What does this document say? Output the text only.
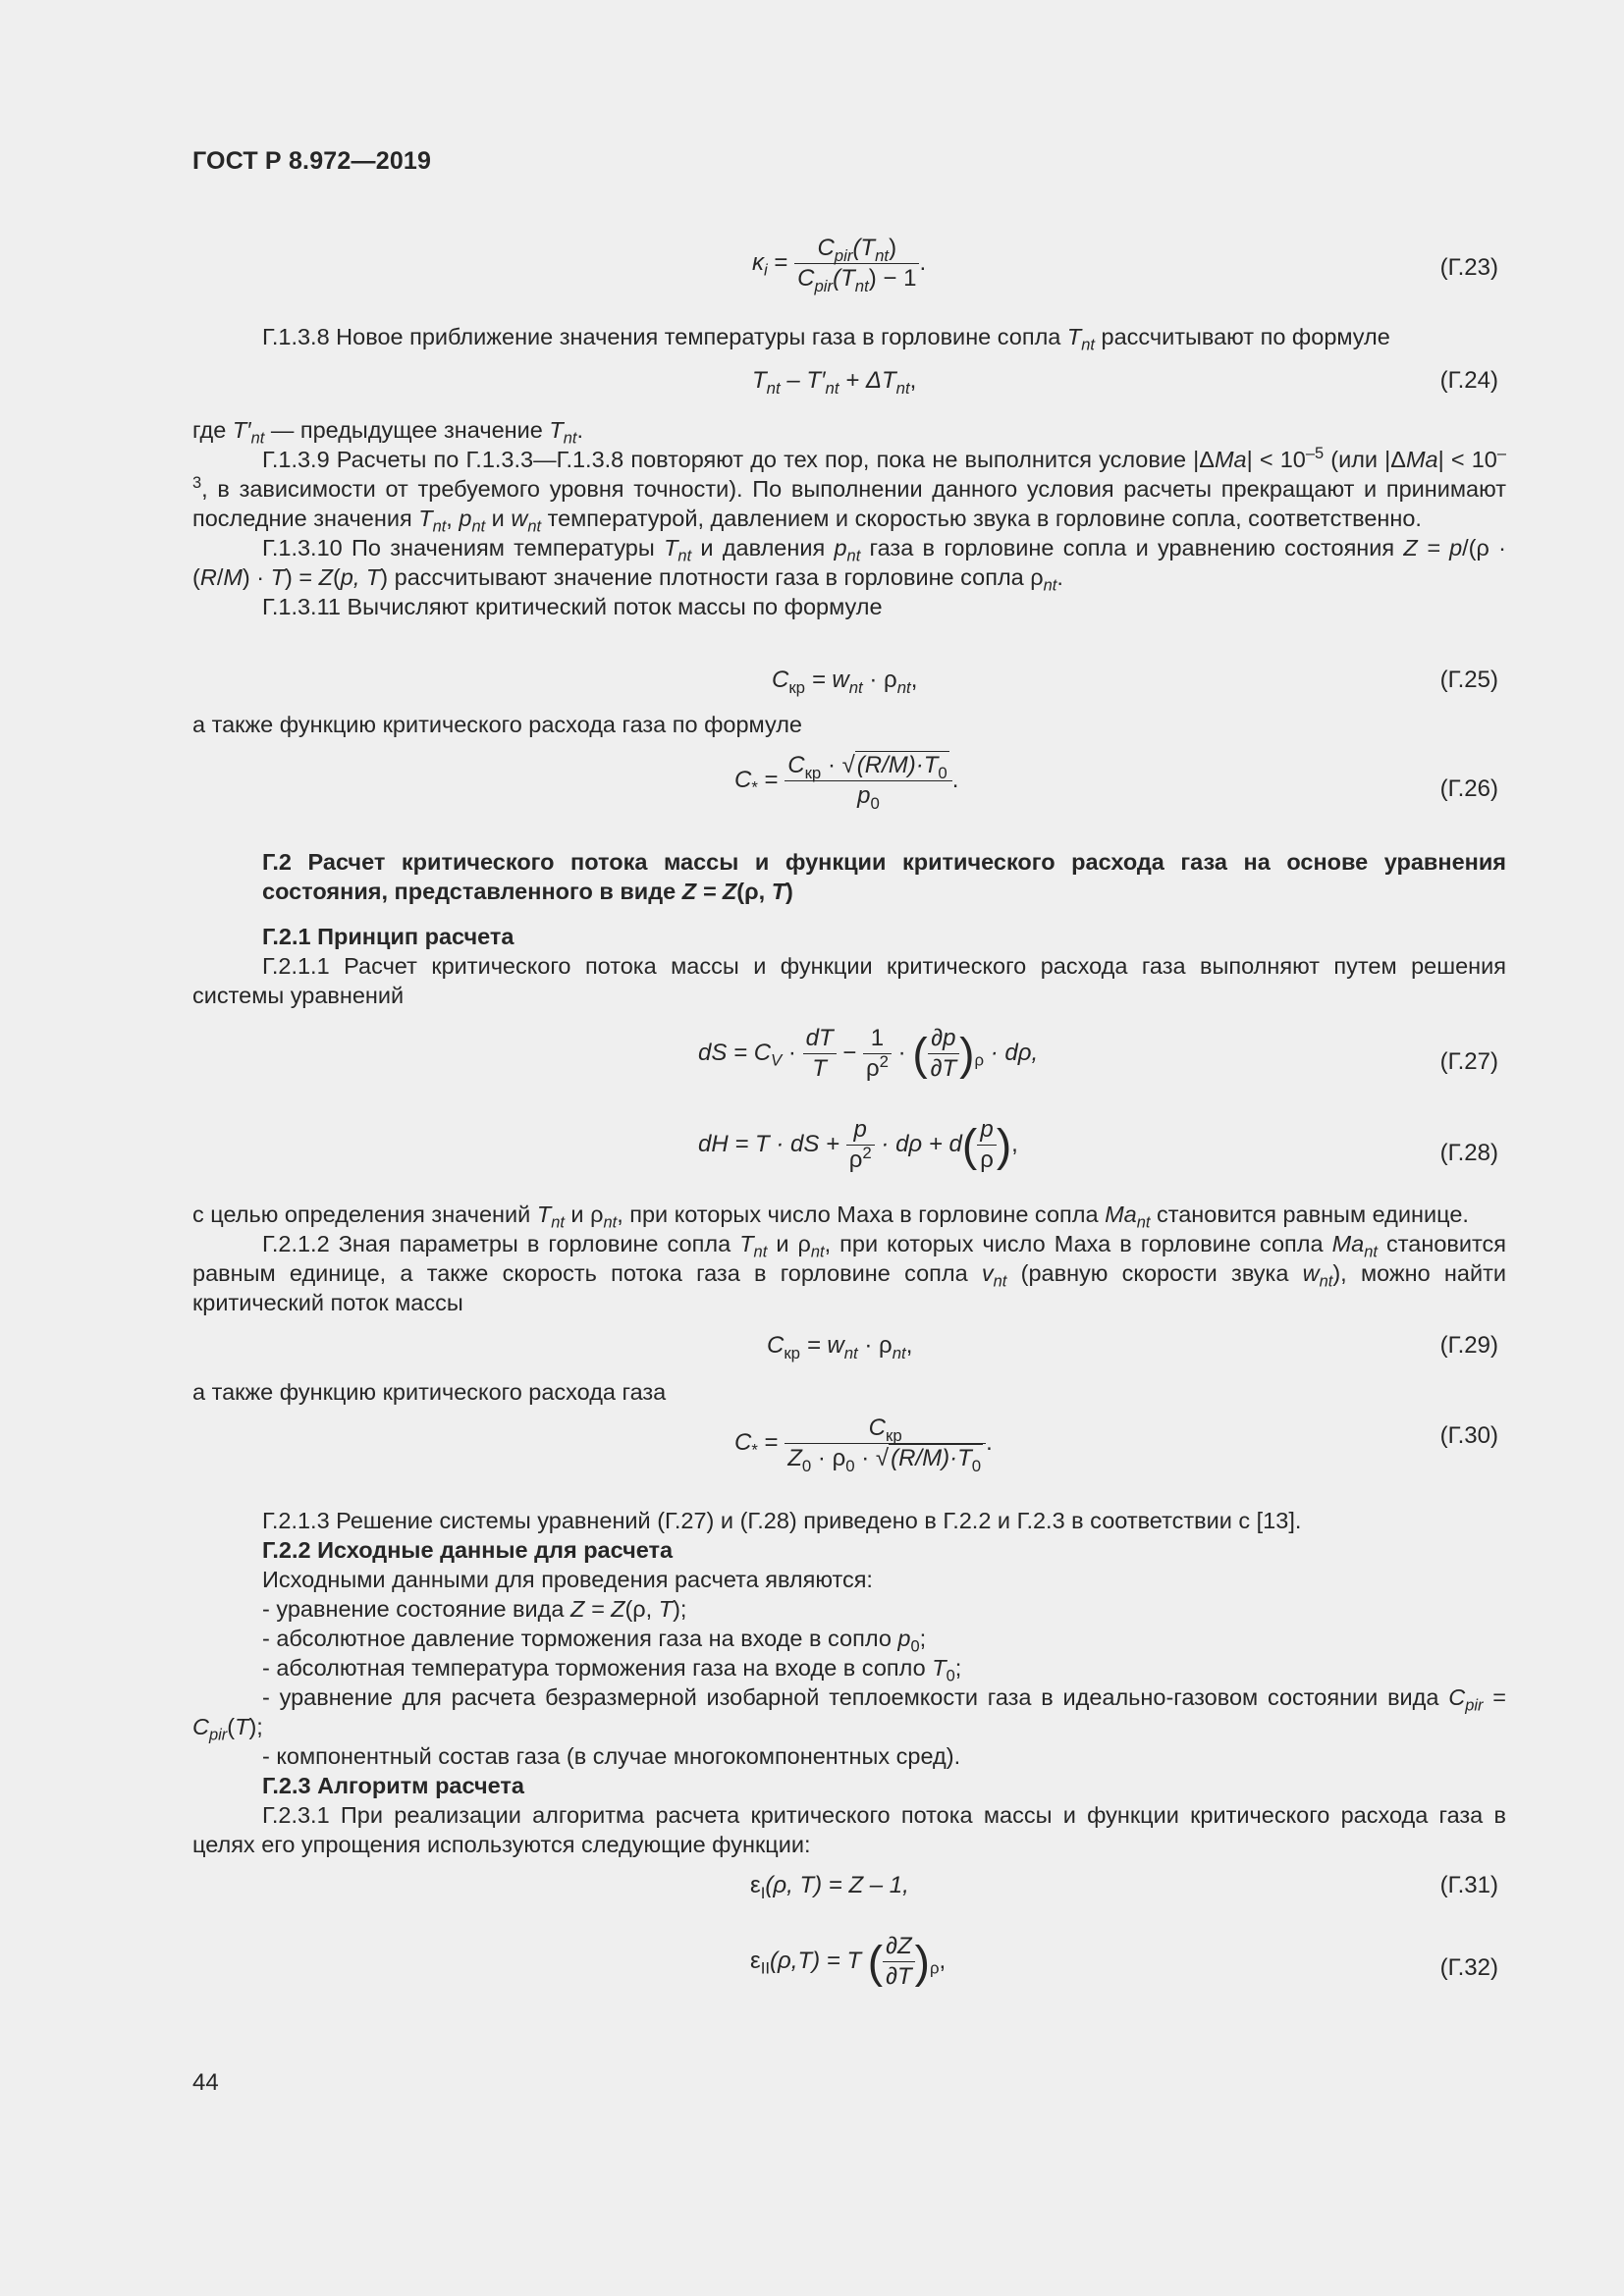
ГОСТ Р 8.972—2019
$\kappa_i = \frac{C_{pir}(T_{nt})}{C_{pir}(T_{nt}) - 1}$ .	(Г.23)

Г.1.3.8 Новое приближение значения температуры газа в горловине сопла $T_{nt}$ рассчитывают по формуле

$T_{nt} - T'_{nt} + \Delta T_{nt}$,	(Г.24)

где $T'_{nt}$ — предыдущее значение $T_{nt}$.

Г.1.3.9 Расчеты по Г.1.3.3—Г.1.3.8 повторяют до тех пор, пока не выполнится условие $|\Delta Ma| < 10^{-5}$ (или $|\Delta Ma| < 10^{-3}$, в зависимости от требуемого уровня точности). По выполнении данного условия расчеты прекращают и принимают последние значения $T_{nt}$, $p_{nt}$ и $w_{nt}$ температурой, давлением и скоростью звука в горловине сопла, соответственно.

Г.1.3.10 По значениям температуры $T_{nt}$ и давления $p_{nt}$ газа в горловине сопла и уравнению состояния Z = p/(ρ · (R/M) · T) = Z(p, T) рассчитывают значение плотности газа в горловине сопла $\rho_{nt}$.

Г.1.3.11 Вычисляют критический поток массы по формуле

$С_{кр} = w_{nt} \cdot \rho_{nt}$,	(Г.25)

а также функцию критического расхода газа по формуле

$C_* = \frac{С_{кр} \cdot √(R/M)\cdot T_0}{p_0}$ .	(Г.26)

Г.2 Расчет критического потока массы и функции критического расхода газа на основе уравнения состояния, представленного в виде Z = Z(ρ, T)

Г.2.1 Принцип расчета

Г.2.1.1 Расчет критического потока массы и функции критического расхода газа выполняют путем решения системы уравнений

dS = $C_V \cdot \frac{dT}{T} - \frac{1}{\rho^2}$ · ( $\frac{\partial p}{\partial T} )_\rho \cdot d\rho$,	(Г.27)
dH = T · dS + $\frac{p}{\rho^2} \cdot d\rho + d( \frac{p}{\rho}$ ),	(Г.28)

с целью определения значений $T_{nt}$ и $\rho_{nt}$, при которых число Маха в горловине сопла $Ma_{nt}$ становится равным единице.

Г.2.1.2 Зная параметры в горловине сопла $T_{nt}$ и $\rho_{nt}$, при которых число Маха в горловине сопла $Ma_{nt}$ становится равным единице, а также скорость потока газа в горловине сопла $v_{nt}$ (равную скорости звука $w_{nt}$), можно найти критический поток массы

$С_{кр} = w_{nt} \cdot \rho_{nt}$,	(Г.29)

а также функцию критического расхода газа

$C_* = \frac{С_{кр}}{Z_0 \cdot \rho_0 \cdot √(R/M)\cdot T_0}$ .	(Г.30)

Г.2.1.3 Решение системы уравнений (Г.27) и (Г.28) приведено в Г.2.2 и Г.2.3 в соответствии с [13].

Г.2.2 Исходные данные для расчета

Исходными данными для проведения расчета являются:

- уравнение состояние вида Z = Z(ρ, T);

- абсолютное давление торможения газа на входе в сопло $p_0$;

- абсолютная температура торможения газа на входе в сопло $T_0$;

- уравнение для расчета безразмерной изобарной теплоемкости газа в идеально-газовом состоянии вида $C_{pir} = C_{pir}(T)$;

- компонентный состав газа (в случае многокомпонентных сред).

Г.2.3 Алгоритм расчета

Г.2.3.1 При реализации алгоритма расчета критического потока массы и функции критического расхода газа в целях его упрощения используются следующие функции:

$\varepsilon_I(\rho$, T) = Z – 1,	(Г.31)
$\varepsilon_{II}(\rho,T) = T$ ( $\frac{\partial Z}{\partial T} )_\rho$,	(Г.32)
44
